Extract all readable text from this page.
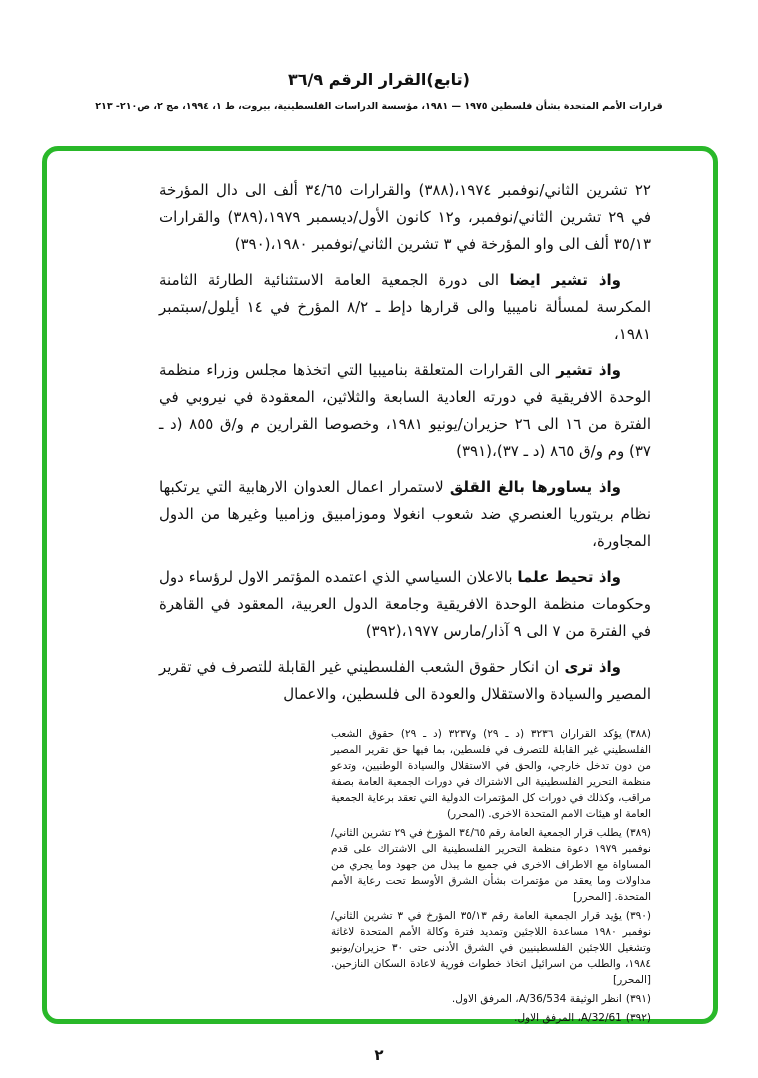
(تابع)القرار الرقم ٣٦/٩
قرارات الأمم المتحدة بشأن فلسطين ١٩٧٥ — ١٩٨١، مؤسسة الدراسات الفلسطينية، بيروت، ط ١، ١٩٩٤، مج ٢، ص٢١٠- ٢١٣

٢٢ تشرين الثاني/نوفمبر ١٩٧٤،(٣٨٨) والقرارات ٣٤/٦٥ ألف الى دال المؤرخة في ٢٩ تشرين الثاني/نوفمبر، و١٢ كانون الأول/ديسمبر ١٩٧٩،(٣٨٩) والقرارات ٣٥/١٣ ألف الى واو المؤرخة في ٣ تشرين الثاني/نوفمبر ١٩٨٠،(٣٩٠)

واذ تشير ايضا الى دورة الجمعية العامة الاستثنائية الطارئة الثامنة المكرسة لمسألة ناميبيا والى قرارها دإط ـ ٨/٢ المؤرخ في ١٤ أيلول/سبتمبر ١٩٨١،

واذ تشير الى القرارات المتعلقة بناميبيا التي اتخذها مجلس وزراء منظمة الوحدة الافريقية في دورته العادية السابعة والثلاثين، المعقودة في نيروبي في الفترة من ١٦ الى ٢٦ حزيران/يونيو ١٩٨١، وخصوصا القرارين م و/ق ٨٥٥ (د ـ ٣٧) وم و/ق ٨٦٥ (د ـ ٣٧)،(٣٩١)

واذ يساورها بالغ القلق لاستمرار اعمال العدوان الارهابية التي يرتكبها نظام بريتوريا العنصري ضد شعوب انغولا وموزامبيق وزامبيا وغيرها من الدول المجاورة،

واذ تحيط علما بالاعلان السياسي الذي اعتمده المؤتمر الاول لرؤساء دول وحكومات منظمة الوحدة الافريقية وجامعة الدول العربية، المعقود في القاهرة في الفترة من ٧ الى ٩ آذار/مارس ١٩٧٧،(٣٩٢)

واذ ترى ان انكار حقوق الشعب الفلسطيني غير القابلة للتصرف في تقرير المصير والسيادة والاستقلال والعودة الى فلسطين، والاعمال

(٣٨٨)يؤكد القراران ٣٢٣٦ (د ـ ٢٩) و٣٢٣٧ (د ـ ٢٩) حقوق الشعب الفلسطيني غير القابلة للتصرف في فلسطين، بما فيها حق تقرير المصير من دون تدخل خارجي، والحق في الاستقلال والسيادة الوطنيين، وتدعو منظمة التحرير الفلسطينية الى الاشتراك في دورات الجمعية العامة بصفة مراقب، وكذلك في دورات كل المؤتمرات الدولية التي تعقد برعاية الجمعية العامة او هيئات الامم المتحدة الاخرى. (المحرر)

(٣٨٩)يطلب قرار الجمعية العامة رقم ٣٤/٦٥ المؤرخ في ٢٩ تشرين الثاني/ نوفمبر ١٩٧٩ دعوة منظمة التحرير الفلسطينية الى الاشتراك على قدم المساواة مع الاطراف الاخرى في جميع ما يبذل من جهود وما يجري من مداولات وما يعقد من مؤتمرات بشأن الشرق الأوسط تحت رعاية الأمم المتحدة. [المحرر]

(٣٩٠)يؤيد قرار الجمعية العامة رقم ٣٥/١٣ المؤرخ في ٣ تشرين الثاني/نوفمبر ١٩٨٠ مساعدة اللاجئين وتمديد فترة وكالة الأمم المتحدة لاغاثة وتشغيل اللاجئين الفلسطينيين في الشرق الأدنى حتى ٣٠ حزيران/يونيو ١٩٨٤، والطلب من اسرائيل اتخاذ خطوات فورية لاعادة السكان النازحين. [المحرر]

(٣٩١)انظر الوثيقة A/36/534، المرفق الاول.

(٣٩٢)A/32/61، المرفق الاول.

٢
